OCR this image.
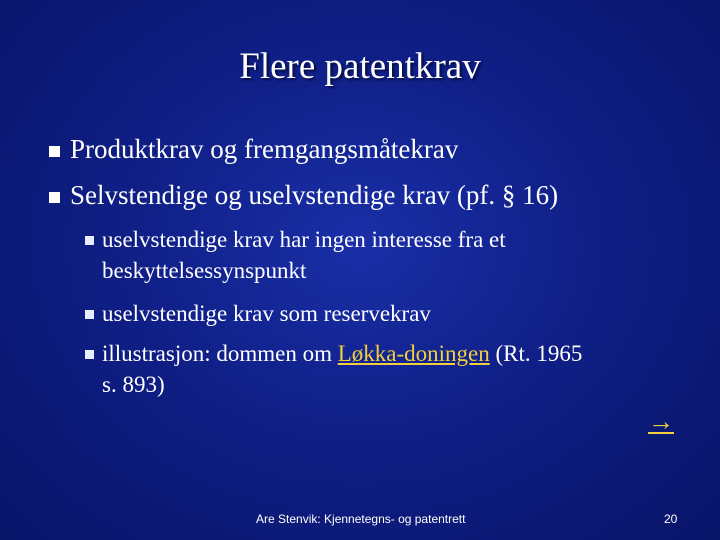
Flere patentkrav
Produktkrav og fremgangsmåtekrav
Selvstendige og uselvstendige krav (pf. § 16)
uselvstendige krav har ingen interesse fra et
beskyttelsessynspunkt
uselvstendige krav som reservekrav
illustrasjon: dommen om Løkka-doningen (Rt. 1965
s. 893)
→
Are Stenvik: Kjennetegns- og patentrett	20
